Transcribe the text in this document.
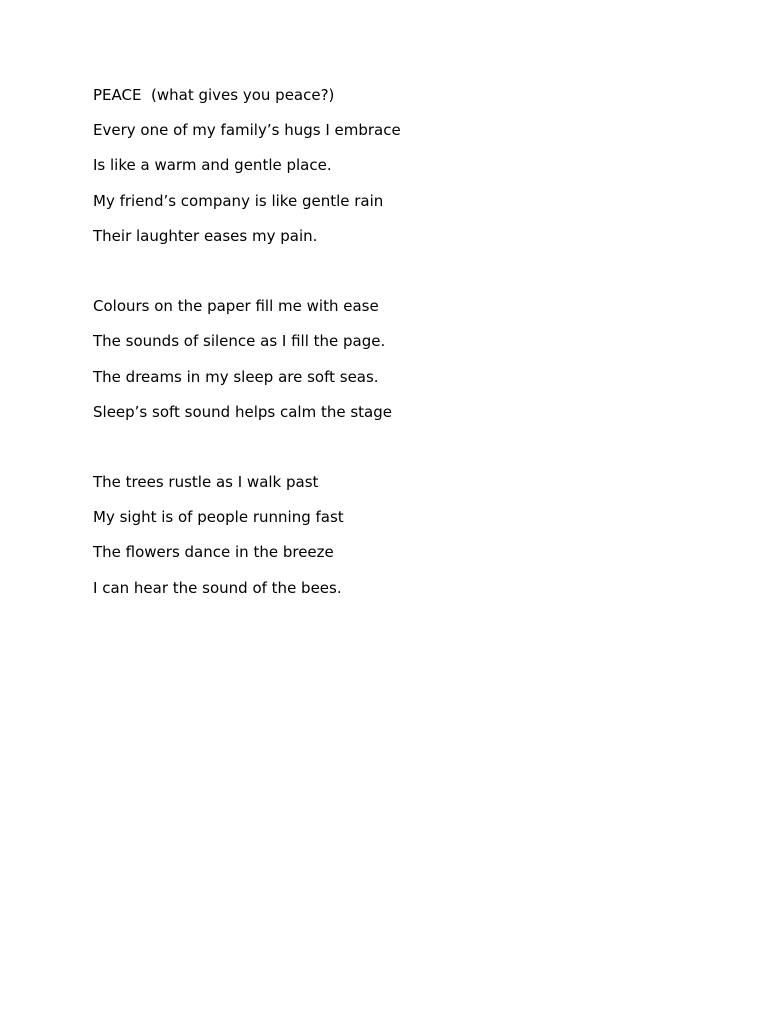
PEACE  (what gives you peace?)
Every one of my family’s hugs I embrace
Is like a warm and gentle place.
My friend’s company is like gentle rain
Their laughter eases my pain.
Colours on the paper fill me with ease
The sounds of silence as I fill the page.
The dreams in my sleep are soft seas.
Sleep’s soft sound helps calm the stage
The trees rustle as I walk past
My sight is of people running fast
The flowers dance in the breeze
I can hear the sound of the bees.
